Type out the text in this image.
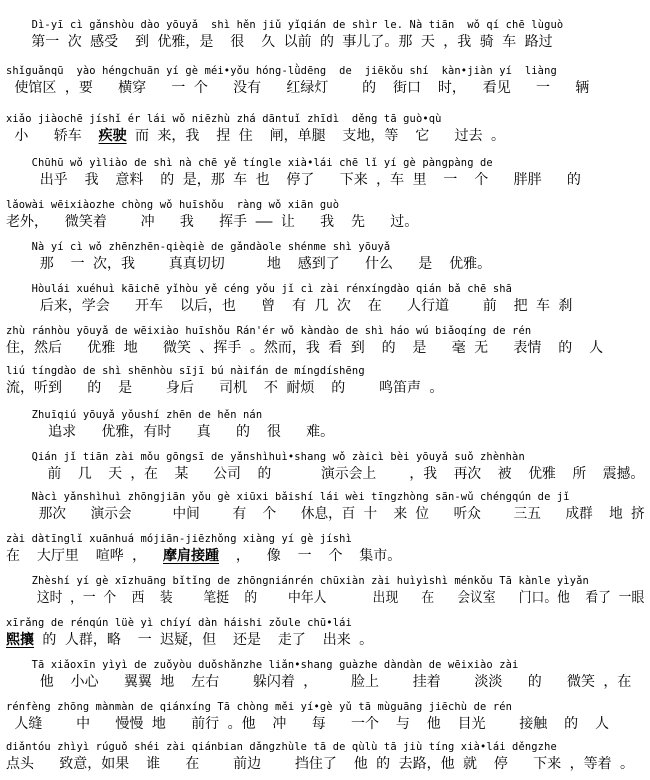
Dì-yī cì gǎnshòu dào yōuyǎ  shì hěn jiǔ yǐqián de shìr le. Nà tiān  wǒ qí chē lùguò
第一 次 感受  到 优雅，是  很  久 以前 的 事儿了。那 天 ，我 骑 车 路过
shǐguǎnqū  yào héngchuān yí gè méi•yǒu hóng-lǜdēng  de  jiēkǒu shí  kàn•jiàn yí  liàng
使馆区 ，要   横穿   一 个   没有   红绿灯    的  街口  时，  看见   一   辆
xiǎo jiàochē jíshǐ ér lái wǒ niēzhù zhá dāntuǐ zhīdì  děng tā guò•qù
小   轿车  疾驶 而 来，我  捏 住  闸，单腿  支地，等  它   过去 。
Chūhū wǒ yìliào de shì nà chē yě tíngle xià•lái chē lǐ yí gè pàngpàng de
出乎  我  意料  的 是，那 车 也  停了   下来 ，车 里  一  个   胖胖   的
lǎowài wēixiàozhe chòng wǒ huīshǒu  ràng wǒ xiān guò
老外，  微笑着    冲   我   挥手 —— 让   我  先   过。
Nà yí cì wǒ zhēnzhēn-qièqiè de gǎndàole shénme shì yōuyǎ
那  一 次，我    真真切切     地  感到了   什么   是  优雅。
Hòulái xuéhuì kāichē yǐhòu yě céng yǒu jǐ cì zài rénxíngdào qián bǎ chē shā
后来，学会   开车  以后，也   曾  有 几 次  在   人行道    前  把 车 刹
zhù ránhòu yōuyǎ de wēixiào huīshǒu Rán'ér wǒ kàndào de shì háo wú biǎoqíng de rén
住，然后   优雅 地   微笑 、挥手 。然而，我 看 到  的  是   毫 无   表情  的  人
liú tíngdào de shì shēnhòu sījī bú nàifán de míngdíshēng
流，听到   的  是    身后   司机  不 耐烦  的    鸣笛声 。
Zhuīqiú yōuyǎ yǒushí zhēn de hěn nán
追求   优雅，有时   真   的  很   难。
Qián jǐ tiān zài mǒu gōngsī de yǎnshìhuì•shang wǒ zàicì bèi yōuyǎ suǒ zhènhàn
前  几  天 ，在  某   公司  的      演示会上    ，我  再次  被  优雅  所  震撼。
Nàcì yǎnshìhuì zhōngjiān yǒu gè xiūxi bǎishí lái wèi tīngzhòng sān-wǔ chéngqún de jǐ
那次   演示会     中间    有  个   休息，百 十  来 位   听众    三五   成群  地 挤
zài dàtīnglǐ xuānhuá mójiān-jiēzhǒng xiàng yí gè jíshì
在  大厅里  喧哗 ，  摩肩接踵  ，  像  一  个  集市。
Zhèshí yí gè xīzhuāng bǐtǐng de zhōngniánrén chūxiàn zài huìyìshì ménkǒu Tā kànle yìyǎn
这时 ，一 个  西  装    笔挺  的    中年人      出现   在   会议室   门口。他  看了 一眼
xīrǎng de rénqún lüè yì chíyí dàn háishi zǒule chū•lái
熙攘 的 人群，略  一 迟疑，但  还是  走了  出来 。
Tā xiǎoxīn yìyì de zuǒyòu duǒshǎnzhe liǎn•shang guàzhe dàndàn de wēixiào zài
他  小心   翼翼 地  左右    躲闪着 ，    脸上    挂着    淡淡   的   微笑 ，在
rénfèng zhōng mànmàn de qiánxíng Tā chòng měi yí•gè yǔ tā mùguāng jiēchù de rén
人缝    中   慢慢 地   前行 。他  冲   每   一个  与  他  目光    接触  的  人
diǎntóu zhìyì rúguǒ shéi zài qiánbian dǎngzhùle tā de qùlù tā jiù tíng xià•lái děngzhe
点头   致意，如果  谁   在    前边    挡住了  他 的 去路，他 就  停   下来 ，等着 。
